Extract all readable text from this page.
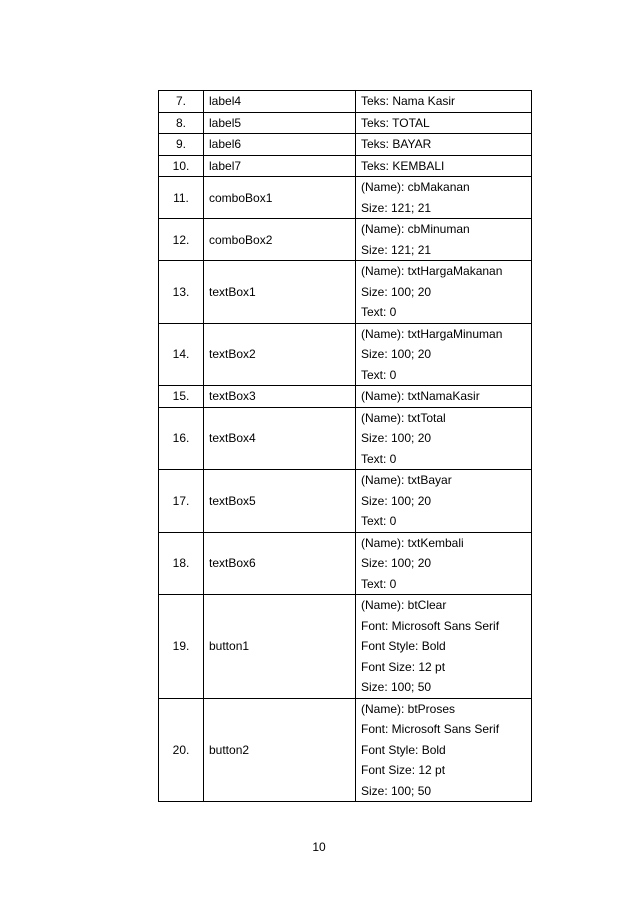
7.	label4	Teks: Nama Kasir

8.	label5	Teks: TOTAL

9.	label6	Teks: BAYAR

10.	label7	Teks: KEMBALI

11.	comboBox1	(Name): cbMakanan
Size: 121; 21

12.	comboBox2	(Name): cbMinuman
Size: 121; 21

13.	textBox1	(Name): txtHargaMakanan
Size: 100; 20
Text: 0

14.	textBox2	(Name): txtHargaMinuman
Size: 100; 20
Text: 0

15.	textBox3	(Name): txtNamaKasir

16.	textBox4	(Name): txtTotal
Size: 100; 20
Text: 0

17.	textBox5	(Name): txtBayar
Size: 100; 20
Text: 0

18.	textBox6	(Name): txtKembali
Size: 100; 20
Text: 0

19.	button1	(Name): btClear
Font: Microsoft Sans Serif
Font Style: Bold
Font Size: 12 pt
Size: 100; 50

20.	button2	(Name): btProses
Font: Microsoft Sans Serif
Font Style: Bold
Font Size: 12 pt
Size: 100; 50
10
